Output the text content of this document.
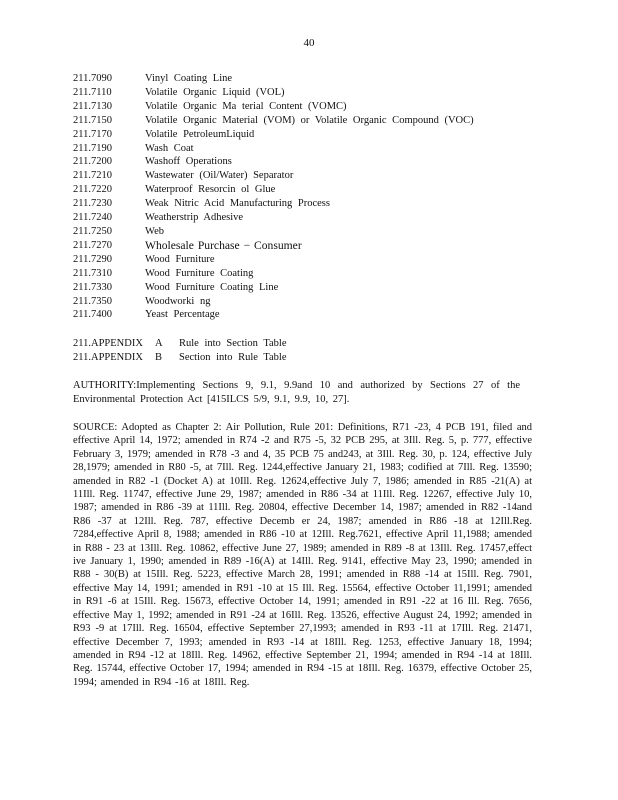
40
211.7090	Vinyl Coating Line
211.7110	Volatile Organic Liquid (VOL)
211.7130	Volatile Organic Ma terial Content (VOMC)
211.7150	Volatile Organic Material (VOM) or Volatile Organic Compound (VOC)
211.7170	Volatile PetroleumLiquid
211.7190	Wash Coat
211.7200	Washoff Operations
211.7210	Wastewater (Oil/Water) Separator
211.7220	Waterproof Resorcin ol Glue
211.7230	Weak Nitric Acid Manufacturing Process
211.7240	Weatherstrip Adhesive
211.7250	Web
211.7270	Wholesale Purchase − Consumer
211.7290	Wood Furniture
211.7310	Wood Furniture Coating
211.7330	Wood Furniture Coating Line
211.7350	Woodworki ng
211.7400	Yeast Percentage
211.APPENDIX	A	Rule into Section Table
211.APPENDIX	B	Section into Rule Table

AUTHORITY:Implementing Sections 9, 9.1, 9.9and 10 and authorized by Sections 27 of the Environmental Protection Act [415ILCS 5/9, 9.1, 9.9, 10, 27].

SOURCE: Adopted as Chapter 2: Air Pollution, Rule 201: Definitions, R71 -23, 4 PCB 191, filed and effective April 14, 1972; amended in R74 -2 and R75 -5, 32 PCB 295, at 3Ill. Reg. 5, p. 777, effective February 3, 1979; amended in R78 -3 and 4, 35 PCB 75 and243, at 3Ill. Reg. 30, p. 124, effective July 28,1979; amended in R80 -5, at 7Ill. Reg. 1244,effective January 21, 1983; codified at 7Ill. Reg. 13590; amended in R82 -1 (Docket A) at 10Ill. Reg. 12624,effective July 7, 1986; amended in R85 -21(A) at 11Ill. Reg. 11747, effective June 29, 1987; amended in R86 -34 at 11Ill. Reg. 12267, effective July 10, 1987; amended in R86 -39 at 11Ill. Reg. 20804, effective December 14, 1987; amended in R82 -14and R86 -37 at 12Ill. Reg. 787, effective Decemb er 24, 1987; amended in R86 -18 at 12Ill.Reg. 7284,effective April 8, 1988; amended in R86 -10 at 12Ill. Reg.7621, effective April 11,1988; amended in R88 - 23 at 13Ill. Reg. 10862, effective June 27, 1989; amended in R89 -8 at 13Ill. Reg. 17457,effect ive January 1, 1990; amended in R89 -16(A) at 14Ill. Reg. 9141, effective May 23, 1990; amended in R88 - 30(B) at 15Ill. Reg. 5223, effective March 28, 1991; amended in R88 -14 at 15Ill. Reg. 7901, effective May 14, 1991; amended in R91 -10 at 15 Ill. Reg. 15564, effective October 11,1991; amended in R91 -6 at 15Ill. Reg. 15673, effective October 14, 1991; amended in R91 -22 at 16 Ill. Reg. 7656, effective May 1, 1992; amended in R91 -24 at 16Ill. Reg. 13526, effective August 24, 1992; amended in R93 -9 at 17Ill. Reg. 16504, effective September 27,1993; amended in R93 -11 at 17Ill. Reg. 21471, effective December 7, 1993; amended in R93 -14 at 18Ill. Reg. 1253, effective January 18, 1994; amended in R94 -12 at 18Ill. Reg. 14962, effective September 21, 1994; amended in R94 -14 at 18Ill. Reg. 15744, effective October 17, 1994; amended in R94 -15 at 18Ill. Reg. 16379, effective October 25, 1994; amended in R94 -16 at 18Ill. Reg.
